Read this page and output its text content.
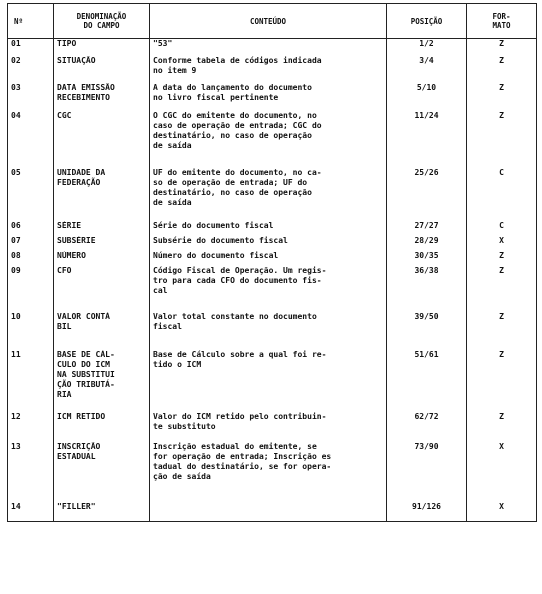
Nº	DENOMINAÇÃO
DO CAMPO	CONTEÚDO	POSIÇÃO	FOR-
MATO
01	TIPO	"53"	1/2	Z
02	SITUAÇÃO	Conforme tabela de códigos indicada
no item 9	3/4	Z
03	DATA EMISSÃO
RECEBIMENTO	A data do lançamento do documento
no livro fiscal pertinente	5/10	Z
04	CGC	O CGC do emitente do documento, no
caso de operação de entrada; CGC do
destinatário, no caso de operação
de saída	11/24	Z
05	UNIDADE DA
FEDERAÇÃO	UF do emitente do documento, no ca-
so de operação de entrada; UF do
destinatário, no caso de operação
de saída	25/26	C
06	SÉRIE	Série do documento fiscal	27/27	C
07	SUBSÉRIE	Subsérie do documento fiscal	28/29	X
08	NÚMERO	Número do documento fiscal	30/35	Z
09	CFO	Código Fiscal de Operação. Um regis-
tro para cada CFO do documento fis-
cal	36/38	Z
10	VALOR CONTÁ
BIL	Valor total constante no documento
fiscal	39/50	Z
11	BASE DE CÁL-
CULO DO ICM
NA SUBSTITUI
ÇÃO TRIBUTÁ-
RIA	Base de Cálculo sobre a qual foi re-
tido o ICM	51/61	Z
12	ICM RETIDO	Valor do ICM retido pelo contribuin-
te substituto	62/72	Z
13	INSCRIÇÃO
ESTADUAL	Inscrição estadual do emitente, se
for operação de entrada; Inscrição es
tadual do destinatário, se for opera-
ção de saída	73/90	X
14	"FILLER"		91/126	X
